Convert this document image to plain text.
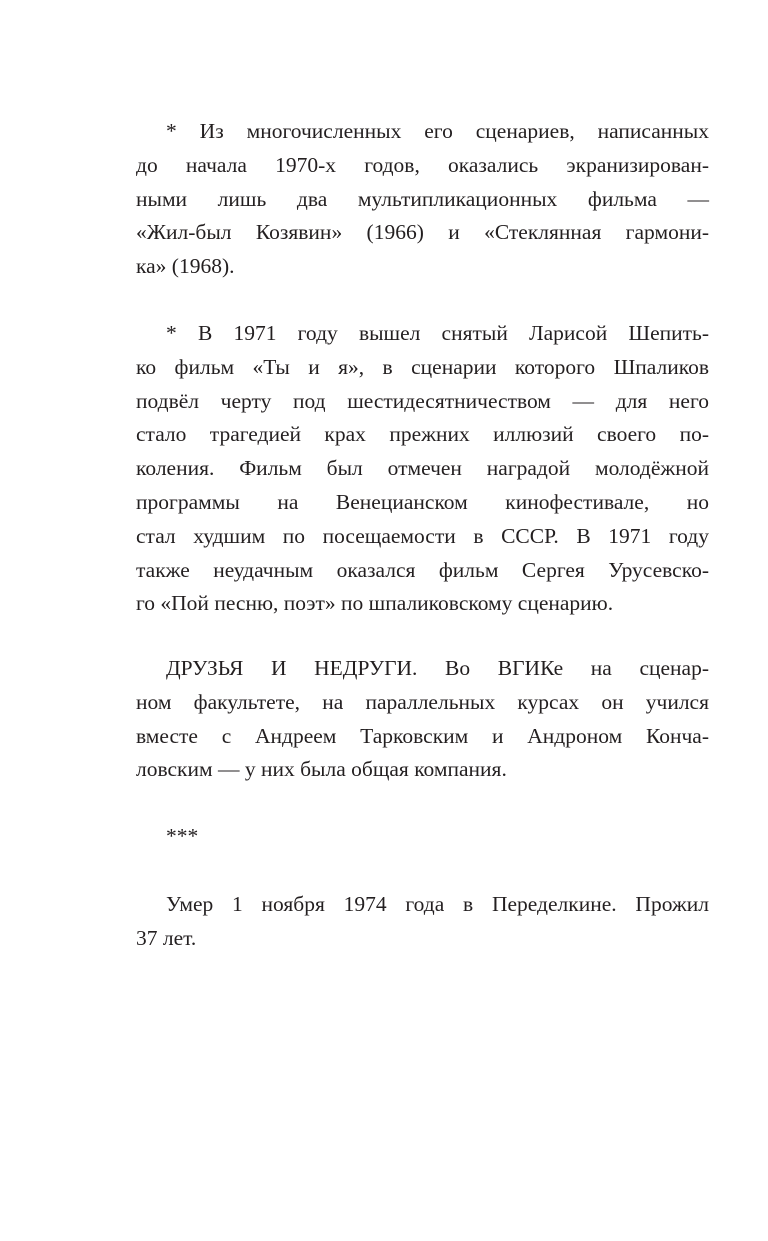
* Из многочисленных его сценариев, написанных
до начала 1970-х годов, оказались экранизирован-
ными лишь два мультипликационных фильма —
«Жил-был Козявин» (1966) и «Стеклянная гармони-
ка» (1968).
* В 1971 году вышел снятый Ларисой Шепить-
ко фильм «Ты и я», в сценарии которого Шпаликов
подвёл черту под шестидесятничеством — для него
стало трагедией крах прежних иллюзий своего по-
коления. Фильм был отмечен наградой молодёжной
программы на Венецианском кинофестивале, но
стал худшим по посещаемости в СССР. В 1971 году
также неудачным оказался фильм Сергея Урусевско-
го «Пой песню, поэт» по шпаликовскому сценарию.
ДРУЗЬЯ И НЕДРУГИ. Во ВГИКе на сценар-
ном факультете, на параллельных курсах он учился
вместе с Андреем Тарковским и Андроном Конча-
ловским — у них была общая компания.
***
Умер 1 ноября 1974 года в Переделкине. Прожил
37 лет.
